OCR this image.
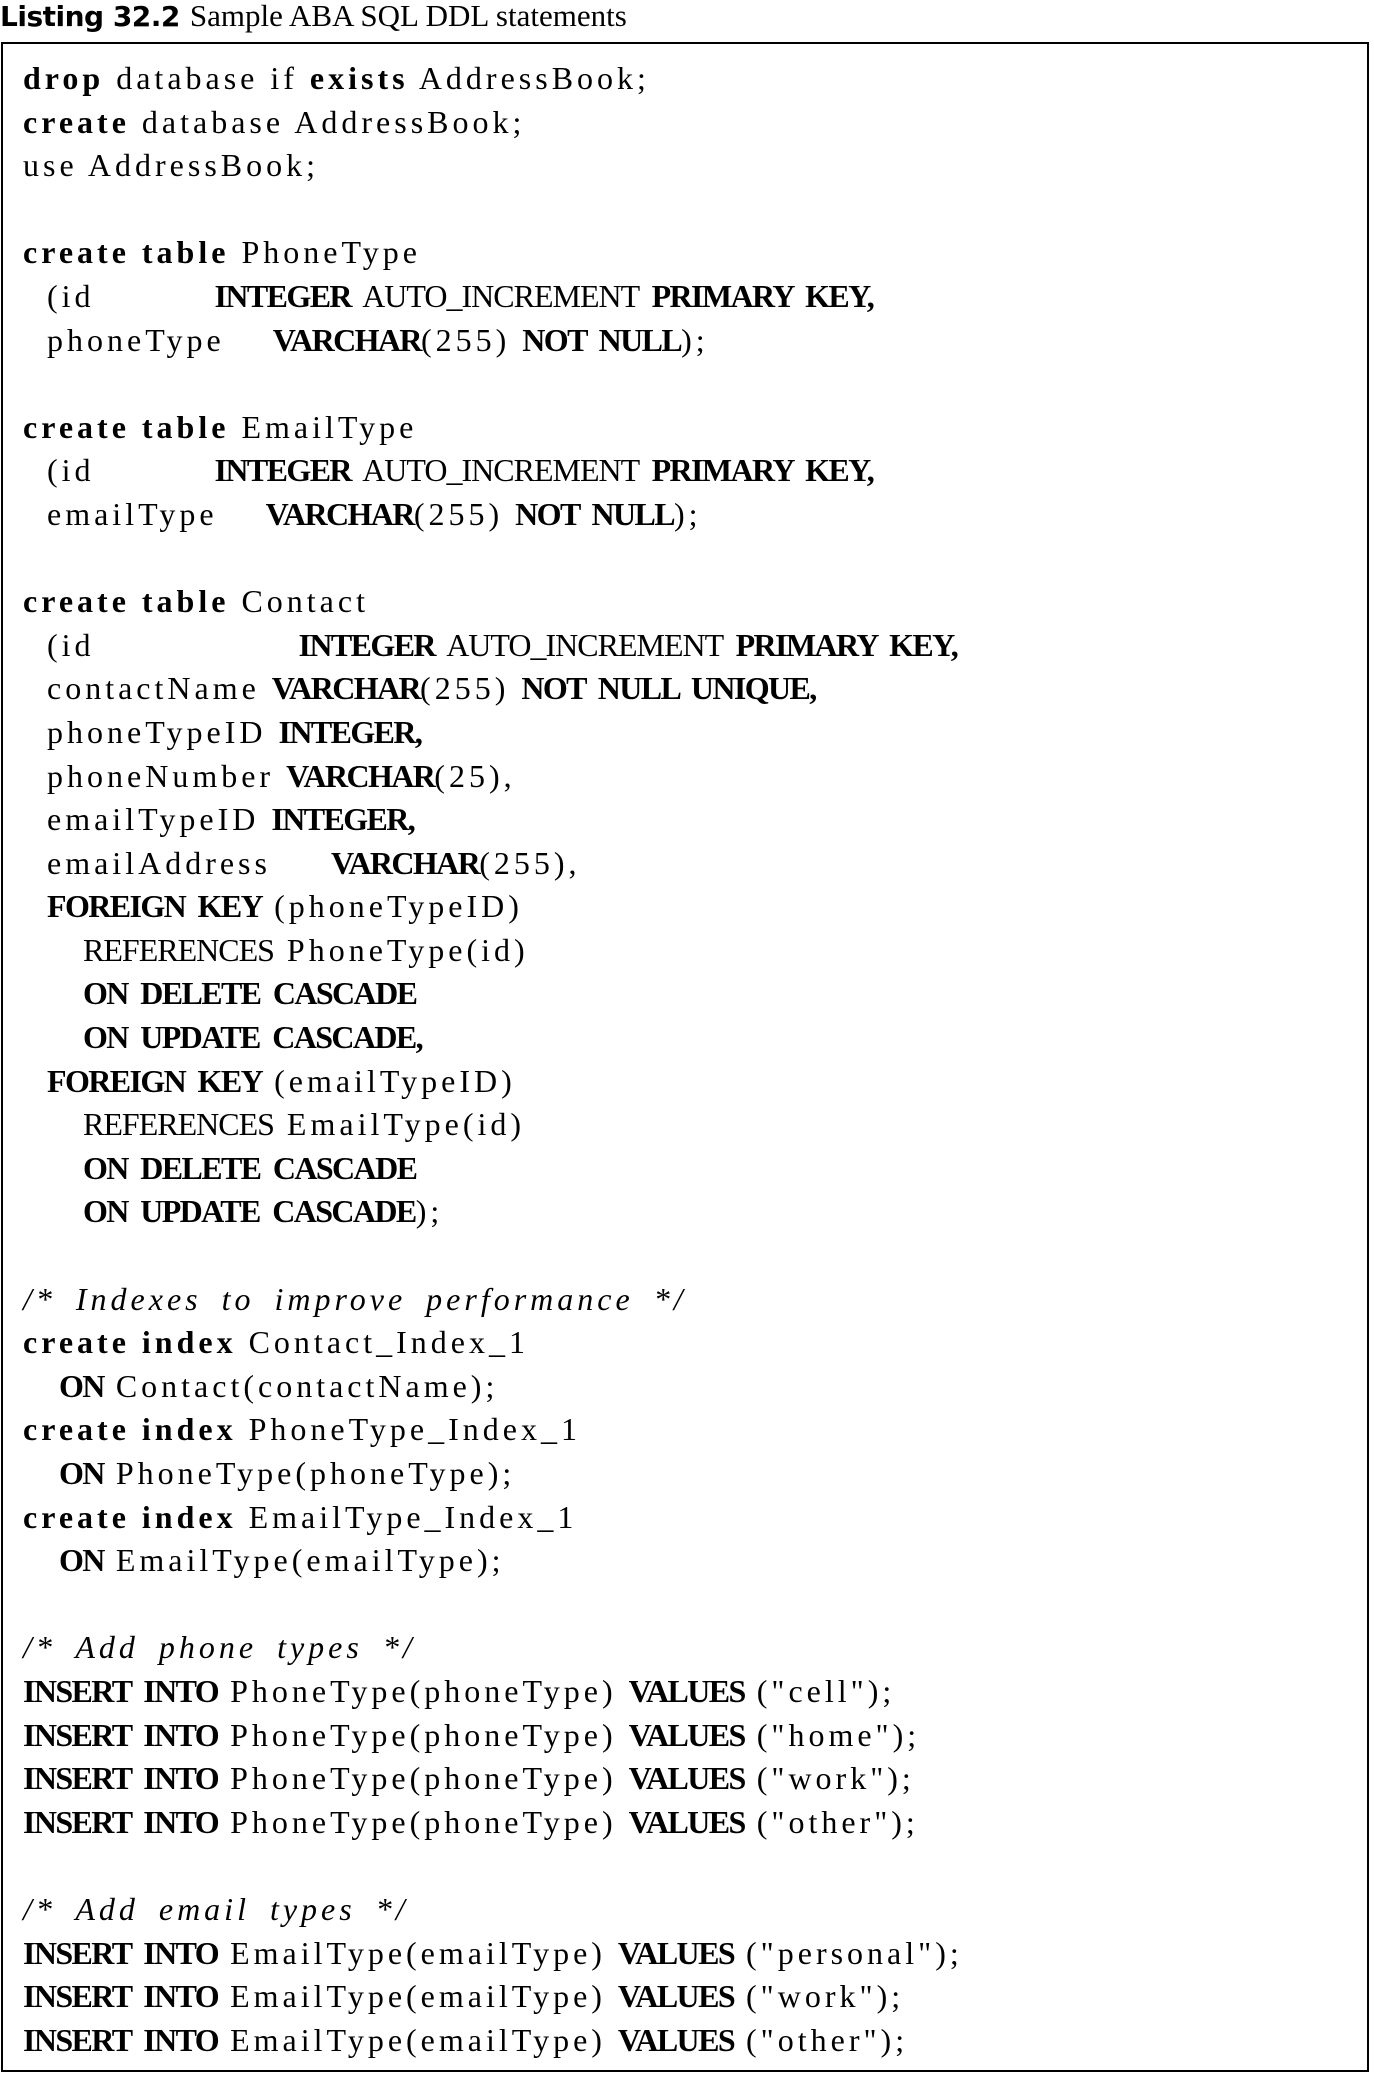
Listing 32.2 Sample ABA SQL DDL statements
drop database if exists AddressBook;
create database AddressBook;
use AddressBook;
create table PhoneType
(id          INTEGER AUTO_INCREMENT PRIMARY KEY,
phoneType    VARCHAR(255) NOT NULL);
create table EmailType
(id          INTEGER AUTO_INCREMENT PRIMARY KEY,
emailType    VARCHAR(255) NOT NULL);
create table Contact
(id                 INTEGER AUTO_INCREMENT PRIMARY KEY,
contactName VARCHAR(255) NOT NULL UNIQUE,
phoneTypeID INTEGER,
phoneNumber VARCHAR(25),
emailTypeID INTEGER,
emailAddress     VARCHAR(255),
FOREIGN KEY (phoneTypeID)
REFERENCES PhoneType(id)
ON DELETE CASCADE
ON UPDATE CASCADE,
FOREIGN KEY (emailTypeID)
REFERENCES EmailType(id)
ON DELETE CASCADE
ON UPDATE CASCADE);
/* Indexes to improve performance */
create index Contact_Index_1
ON Contact(contactName);
create index PhoneType_Index_1
ON PhoneType(phoneType);
create index EmailType_Index_1
ON EmailType(emailType);
/* Add phone types */
INSERT INTO PhoneType(phoneType) VALUES ("cell");
INSERT INTO PhoneType(phoneType) VALUES ("home");
INSERT INTO PhoneType(phoneType) VALUES ("work");
INSERT INTO PhoneType(phoneType) VALUES ("other");
/* Add email types */
INSERT INTO EmailType(emailType) VALUES ("personal");
INSERT INTO EmailType(emailType) VALUES ("work");
INSERT INTO EmailType(emailType) VALUES ("other");
